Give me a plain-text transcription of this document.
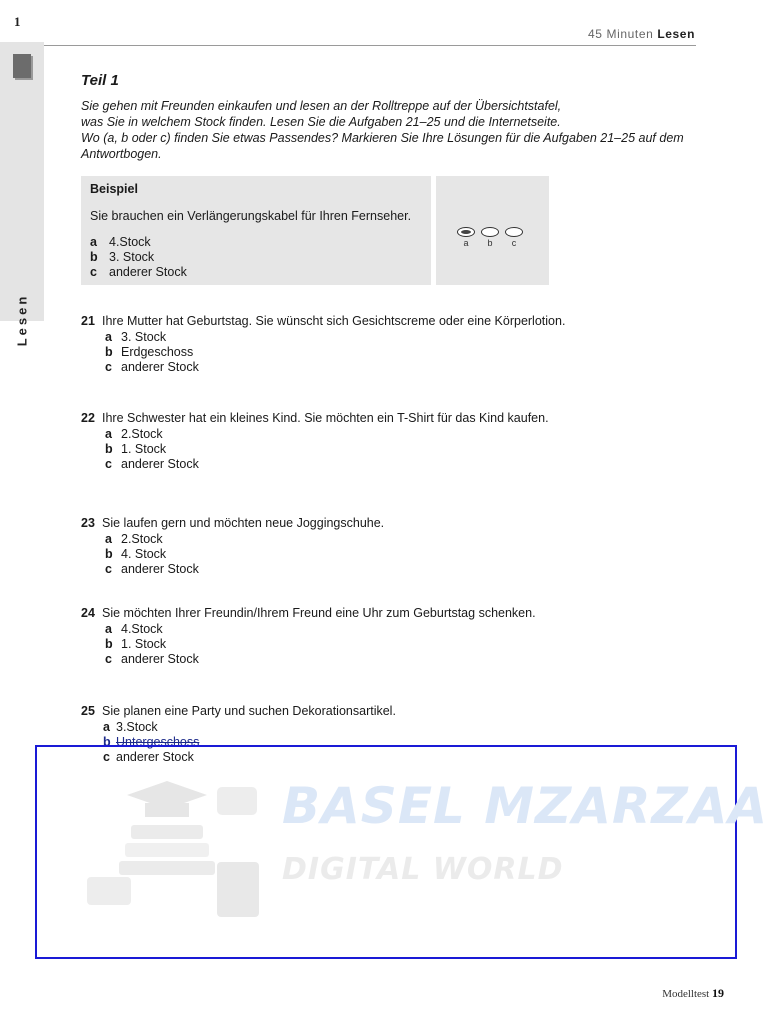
1
Lesen
45 Minuten Lesen
Teil 1
Sie gehen mit Freunden einkaufen und lesen an der Rolltreppe auf der Übersichtstafel,
was Sie in welchem Stock finden. Lesen Sie die Aufgaben 21–25 und die Internetseite.
Wo (a, b oder c) finden Sie etwas Passendes? Markieren Sie Ihre Lösungen für die Aufgaben 21–25 auf dem
Antwortbogen.
Beispiel
Sie brauchen ein Verlängerungskabel für Ihren Fernseher.
a 4.Stock
b 3. Stock
c anderer Stock
a	b	c
21 Ihre Mutter hat Geburtstag. Sie wünscht sich Gesichtscreme oder eine Körperlotion.
a 3. Stock
b Erdgeschoss
c anderer Stock
22 Ihre Schwester hat ein kleines Kind. Sie möchten ein T-Shirt für das Kind kaufen.
a 2.Stock
b 1. Stock
c anderer Stock
23 Sie laufen gern und möchten neue Joggingschuhe.
a 2.Stock
b 4. Stock
c anderer Stock
24 Sie möchten Ihrer Freundin/Ihrem Freund eine Uhr zum Geburtstag schenken.
a 4.Stock
b 1. Stock
c anderer Stock
25 Sie planen eine Party und suchen Dekorationsartikel.
a 3.Stock
b Untergeschoss
c anderer Stock
BASEL MZARZAA
DIGITAL WORLD
Modelltest 19
